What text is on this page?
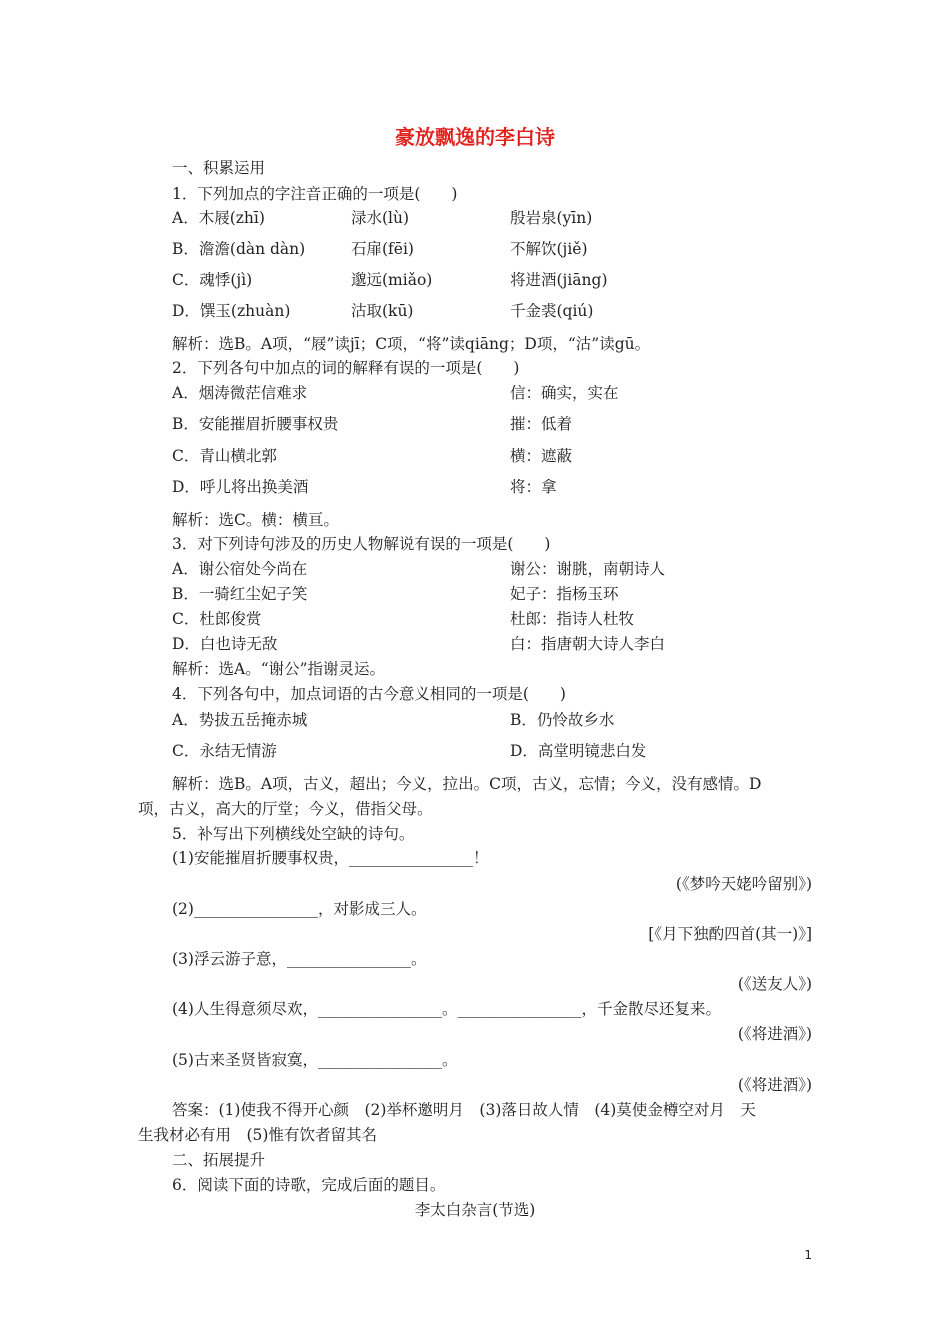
豪放飘逸的李白诗
一、积累运用
1．下列加点的字注音正确的一项是(　　)
A．木屐(zhī)	渌水(lù)	殷岩泉(yīn)
B．澹澹(dàn dàn)	石扉(fēi)	不解饮(jiě)
C．魂悸(jì)	邈远(miǎo)	将进酒(jiāng)
D．馔玉(zhuàn)	沽取(kū)	千金裘(qiú)
解析：选B。A项，“屐”读jī；C项，“将”读qiāng；D项，“沽”读gū。
2．下列各句中加点的词的解释有误的一项是(　　)
A．烟涛微茫信难求	信：确实，实在
B．安能摧眉折腰事权贵	摧：低着
C．青山横北郭	横：遮蔽
D．呼儿将出换美酒	将：拿
解析：选C。横：横亘。
3．对下列诗句涉及的历史人物解说有误的一项是(　　)
A．谢公宿处今尚在	谢公：谢朓，南朝诗人
B．一骑红尘妃子笑	妃子：指杨玉环
C．杜郎俊赏	杜郎：指诗人杜牧
D．白也诗无敌	白：指唐朝大诗人李白
解析：选A。“谢公”指谢灵运。
4．下列各句中，加点词语的古今意义相同的一项是(　　)
A．势拔五岳掩赤城	B．仍怜故乡水
C．永结无情游	D．高堂明镜悲白发
解析：选B。A项，古义，超出；今义，拉出。C项，古义，忘情；今义，没有感情。D
项，古义，高大的厅堂；今义，借指父母。
5．补写出下列横线处空缺的诗句。
(1)安能摧眉折腰事权贵，________________！
(《梦吟天姥吟留别》)
(2)________________，对影成三人。
[《月下独酌四首(其一)》]
(3)浮云游子意，________________。
(《送友人》)
(4)人生得意须尽欢，________________。________________，千金散尽还复来。
(《将进酒》)
(5)古来圣贤皆寂寞，________________。
(《将进酒》)
答案：(1)使我不得开心颜　(2)举杯邀明月　(3)落日故人情　(4)莫使金樽空对月　天
生我材必有用　(5)惟有饮者留其名
二、拓展提升
6．阅读下面的诗歌，完成后面的题目。
李太白杂言(节选)
1
